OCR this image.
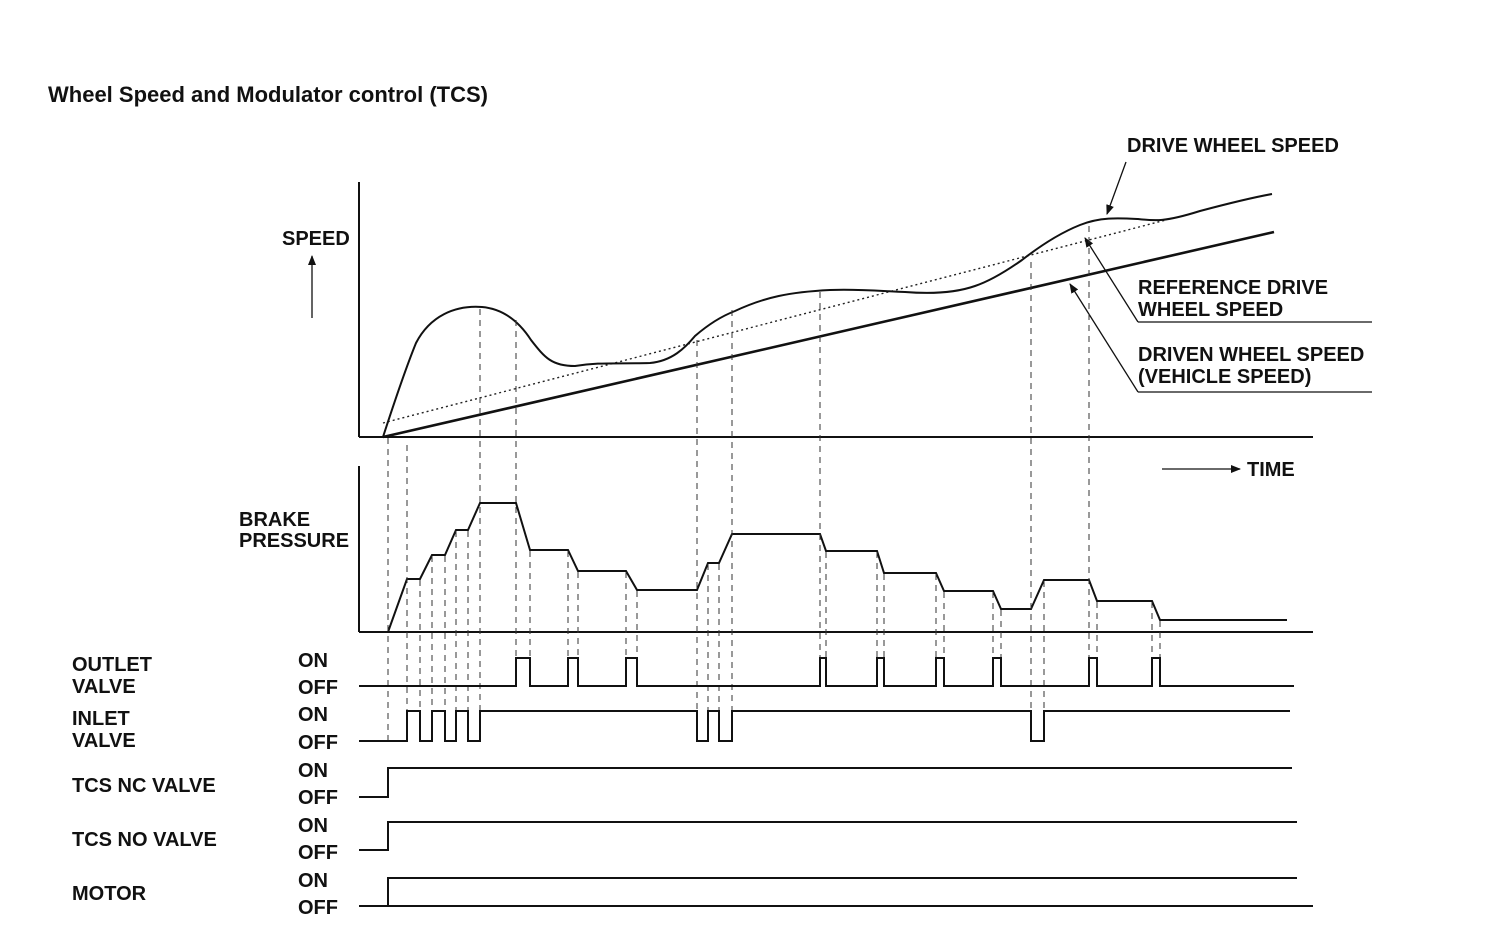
Wheel Speed and Modulator control (TCS)
SPEED
DRIVE WHEEL SPEED
REFERENCE DRIVE
WHEEL SPEED
DRIVEN WHEEL SPEED
(VEHICLE SPEED)
TIME
BRAKE
PRESSURE
OUTLET
VALVE
ON
OFF
INLET
VALVE
ON
OFF
TCS NC VALVE
ON
OFF
TCS NO VALVE
ON
OFF
MOTOR
ON
OFF
